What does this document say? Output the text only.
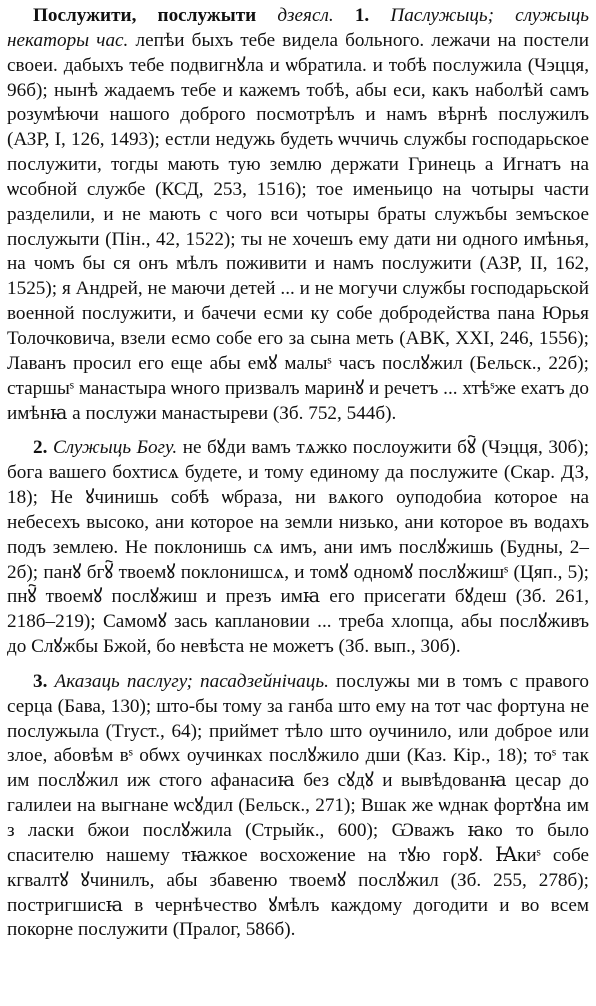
Послужити, послужыти дзеясл. 1. Паслужыць; служыць некаторы час. лепѣи быхъ тебе видела больного. лежачи на постели своеи. дабыхъ тебе подвигнꙋла и ѡбратила. и тобѣ послужила (Чэцця, 96б); нынѣ жадаемъ тебе и кажемъ тобѣ, абы еси, какъ наболѣй самъ розумѣючи нашого доброго посмотрѣлъ и намъ вѣрнѣ послужилъ (АЗР, I, 126, 1493); естли недужь будеть ѡччичь службы господарьское послужити, тогды мають тую землю держати Гринець а Игнатъ на ѡсобной службе (КСД, 253, 1516); тое именьицо на чотыры части разделили, и не мають с чого вси чотыры браты служъбы земъское послужыти (Пін., 42, 1522); ты не хочешъ ему дати ни одного имѣнья, на чомъ бы ся онъ мѣлъ поживити и намъ послужити (АЗР, II, 162, 1525); я Андрей, не маючи детей ... и не могучи службы господарьской военной послужити, и бачечи есми ку собе добродейства пана Юрья Толочковича, взели есмо собе его за сына меть (АВК, XXI, 246, 1556); Лаванъ просил его еще абы емꙋ малыˢ часъ послꙋжил (Бельск., 22б); старшыˢ манастыра ѡного призвалъ маринꙋ и речетъ ... хтѣˢже ехатъ до имѣнꙗ а послужи манастыреви (Зб. 752, 544б).

2. Служыць Богу. не бꙋди вамъ тѧжко послоужити бꙋ҇ (Чэцця, 30б); бога вашего бохтисѧ будете, и тому единому да послужите (Скар. ДЗ, 18); Не ꙋчинишь собѣ ѡбраза, ни вѧкого оуподобиа которое на небесехъ высоко, ани которое на земли низько, ани которое въ водахъ подъ землею. Не поклонишь сѧ имъ, ани имъ послꙋжишь (Будны, 2–2б); панꙋ бгꙋ҇ твоемꙋ поклонишсѧ, и томꙋ одномꙋ послꙋжишˢ (Цяп., 5); пнꙋ҇ твоемꙋ послꙋжиш и презъ имꙗ его присегати бꙋдеш (Зб. 261, 218б–219); Самомꙋ зась каплановии ... треба хлопца, абы послꙋживъ до Слꙋжбы Бжой, бо невѣста не можетъ (Зб. вып., 30б).

3. Аказаць паслугу; пасадзейнічаць. послужы ми в томъ с правого серца (Бава, 130); што-бы тому за ганба што ему на тот час фортуна не послужыла (Тryст., 64); приймет тѣло што оучинило, или доброе или злое, абовѣм вˢ обѡх оучинках послꙋжило дши (Каз. Кір., 18); тоˢ так им послꙋжил иж стого афанасиꙗ без сꙋдꙋ и вывѣдованꙗ цесар до галилеи на выгнане ѡсꙋдил (Бельск., 271); Вшак же ѡднак фортꙋна им з ласки бжои послꙋжила (Стрыйк., 600); Ѡважъ ꙗко то было спасителю нашему тꙗжкое восхожение на тꙋю горꙋ. Ꙗкиˢ собе кгвалтꙋ ꙋчинилъ, абы збавеню твоемꙋ послꙋжил (Зб. 255, 278б); постригшисꙗ в чернѣчество ꙋмѣлъ каждому догодити и во всем покорне послужити (Пралог, 586б).
